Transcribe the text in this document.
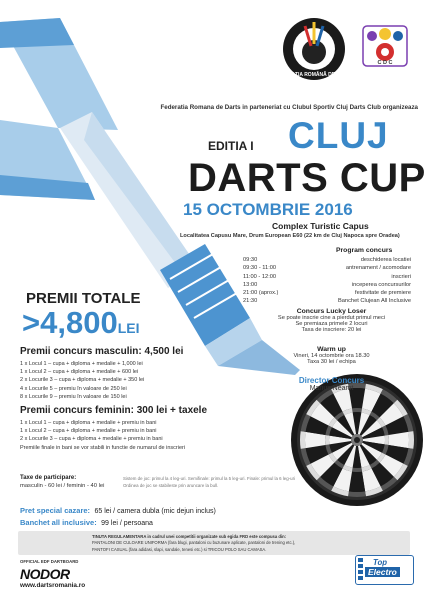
FEDERAȚIA ROMÂNĂ DE DARTS
C D C
Federatia Romana de Darts in parteneriat cu Clubul Sportiv Cluj Darts Club organizeaza
EDITIA I CLUJ
DARTS CUP
15 OCTOMBRIE 2016
Complex Turistic Capus
Localitatea Capusu Mare, Drum European E60 (22 km de Cluj Napoca spre Oradea)
Program concurs
09:30	deschiderea locatiei
09:30 - 11:00	antrenament / acomodare
11:00 - 12:00	inscrieri
13:00	inceperea concursurilor
21:00 (aprox.)	festivitate de premiere
21:30	Banchet Clujean All Inclusive
Concurs Lucky Loser
Se poate inscrie cine a pierdut primul meci
Se premiaza primele 2 locuri
Taxa de inscriere: 20 lei
Warm up
Vineri, 14 octombrie ora 18.30
Taxa 30 lei / echipa
Director Concurs
Marius Neamt
PREMII TOTALE
>4,800LEI
Premii concurs masculin: 4,500 lei
1 x Locul 1 – cupa + diploma + medalie + 1,000 lei
1 x Locul 2 – cupa + diploma + medalie + 600 lei
2 x Locurile 3 – cupa + diploma + medalie + 350 lei
4 x Locurile 5 – premiu în valoare de 250 lei
8 x Locurile 9 – premiu în valoare de 150 lei
Premii concurs feminin: 300 lei + taxele
1 x Locul 1 – cupa + diploma + medalie + premiu in bani
1 x Locul 2 – cupa + diploma + medalie + premiu in bani
2 x Locurile 3 – cupa + diploma + medalie + premiu in bani
Premiile finale in bani se vor stabili in functie de numarul de inscrieri
Taxe de participare:
masculin - 60 lei / feminin - 40 lei
Sistem de joc: primul la 4 leg-uri. Semifinale: primul la 5 leg-uri. Finale: primul la 6 leg-uri
Ordinea de joc se stabileste prin aruncare la bull.
Pret special cazare: 65 lei / camera dubla (mic dejun inclus)
Banchet all inclusive: 99 lei / persoana
TINUTA REGULAMENTARA in cadrul unei competitii organizate sub egida FRD este compusa din:
PANTALONI DE CULOARE UNIFORMA (fara blugi, pantaloni cu buzunare aplicate, pantaloni de trening etc.),
PANTOFI CASUAL (fara adidasi, slapi, sandale, tenesi etc.) si TRICOU POLO SAU CAMASA.
OFFICIAL EDF DARTBOARD
NODOR
www.dartsromania.ro
Top
Electro
